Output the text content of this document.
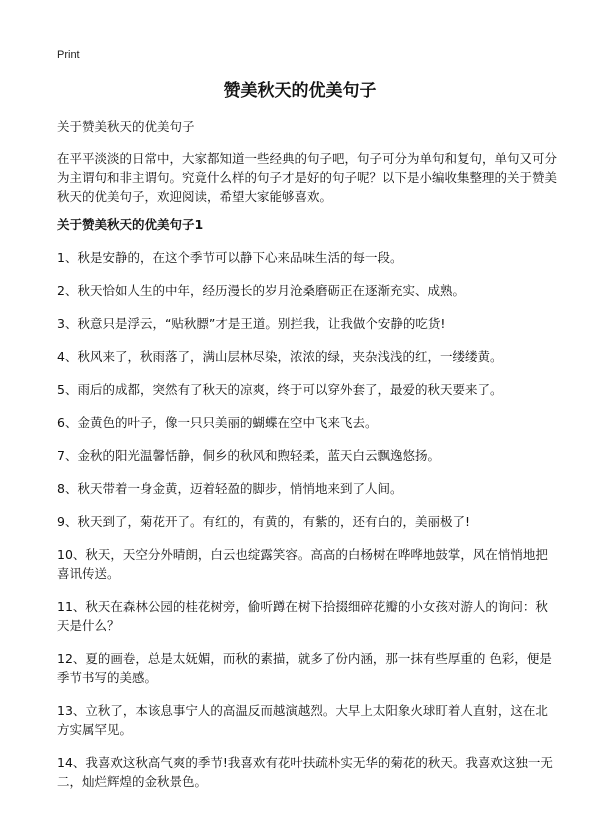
Print
赞美秋天的优美句子
关于赞美秋天的优美句子
在平平淡淡的日常中，大家都知道一些经典的句子吧，句子可分为单句和复句，单句又可分为主谓句和非主谓句。究竟什么样的句子才是好的句子呢？以下是小编收集整理的关于赞美秋天的优美句子，欢迎阅读，希望大家能够喜欢。
关于赞美秋天的优美句子1
1、秋是安静的，在这个季节可以静下心来品味生活的每一段。
2、秋天恰如人生的中年，经历漫长的岁月沧桑磨砺正在逐渐充实、成熟。
3、秋意只是浮云，“贴秋膘”才是王道。别拦我，让我做个安静的吃货!
4、秋风来了，秋雨落了，满山层林尽染，浓浓的绿，夹杂浅浅的红，一缕缕黄。
5、雨后的成都，突然有了秋天的凉爽，终于可以穿外套了，最爱的秋天要来了。
6、金黄色的叶子，像一只只美丽的蝴蝶在空中飞来飞去。
7、金秋的阳光温馨恬静，侗乡的秋风和煦轻柔，蓝天白云飘逸悠扬。
8、秋天带着一身金黄，迈着轻盈的脚步，悄悄地来到了人间。
9、秋天到了，菊花开了。有红的，有黄的，有紫的，还有白的，美丽极了!
10、秋天，天空分外晴朗，白云也绽露笑容。高高的白杨树在哗哗地鼓掌，风在悄悄地把喜讯传送。
11、秋天在森林公园的桂花树旁，偷听蹲在树下拾掇细碎花瓣的小女孩对游人的询问：秋天是什么？
12、夏的画卷，总是太妩媚，而秋的素描，就多了份内涵，那一抹有些厚重的 色彩，便是季节书写的美感。
13、立秋了，本该息事宁人的高温反而越演越烈。大早上太阳象火球盯着人直射，这在北方实属罕见。
14、我喜欢这秋高气爽的季节!我喜欢有花叶扶疏朴实无华的菊花的秋天。我喜欢这独一无二，灿烂辉煌的金秋景色。
